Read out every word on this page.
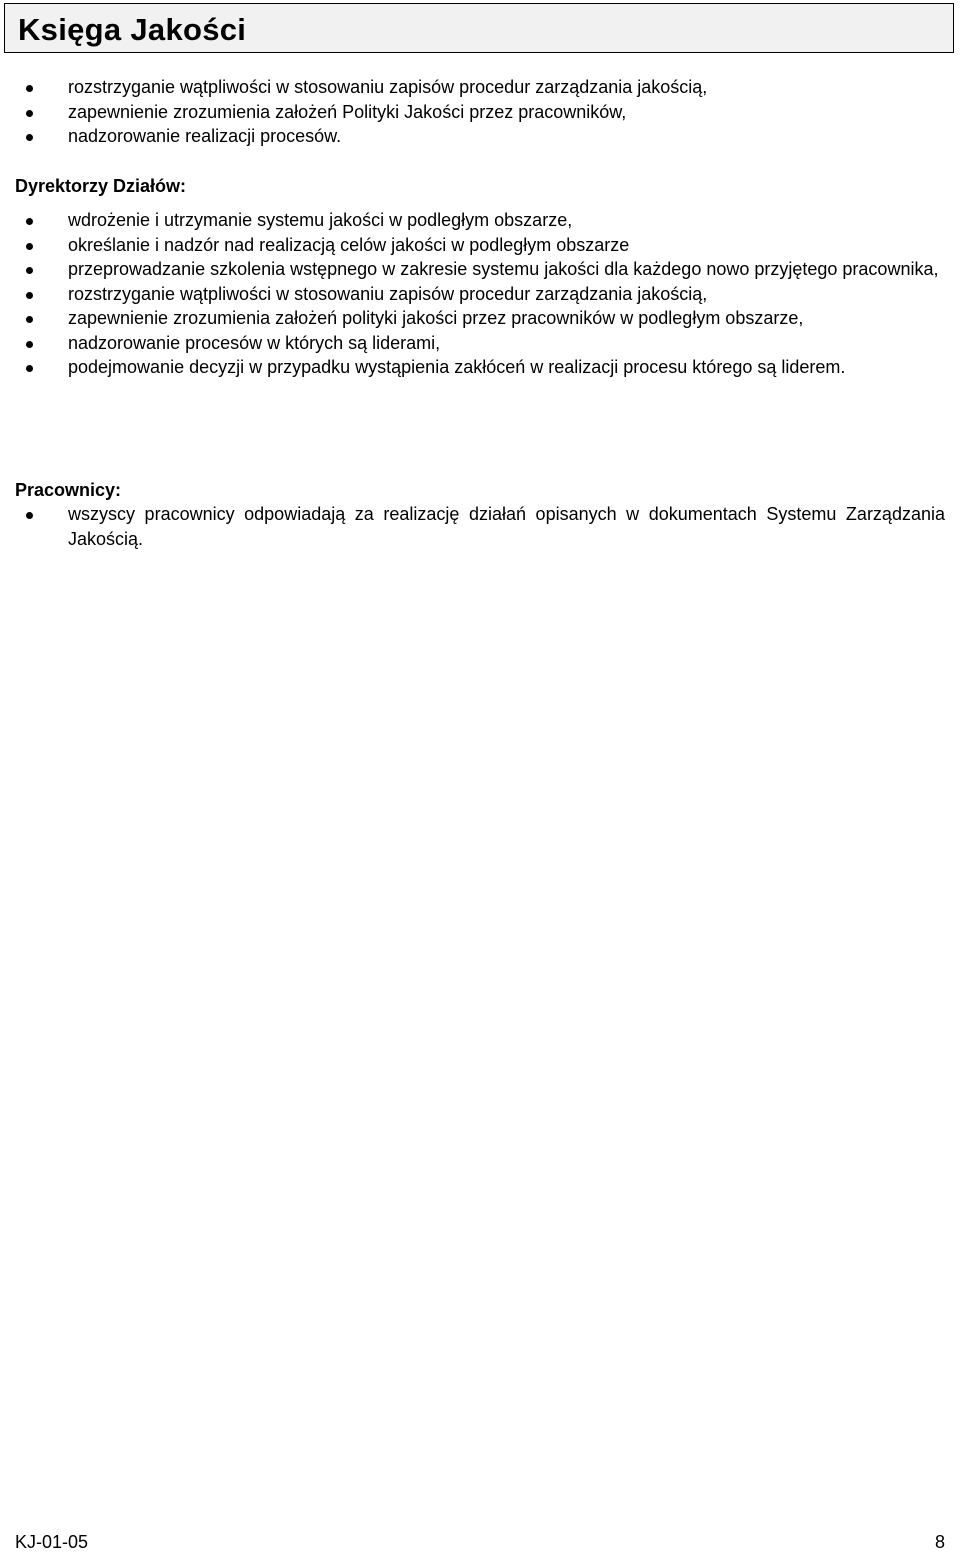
Księga Jakości
rozstrzyganie wątpliwości w stosowaniu zapisów procedur zarządzania jakością,
zapewnienie zrozumienia założeń Polityki Jakości przez pracowników,
nadzorowanie realizacji procesów.
Dyrektorzy Działów:
wdrożenie i utrzymanie systemu jakości w podległym obszarze,
określanie i nadzór nad realizacją celów jakości w podległym obszarze
przeprowadzanie szkolenia wstępnego w zakresie systemu jakości dla każdego nowo przyjętego pracownika,
rozstrzyganie wątpliwości w stosowaniu zapisów procedur zarządzania jakością,
zapewnienie zrozumienia założeń polityki jakości przez pracowników w podległym obszarze,
nadzorowanie procesów w których są liderami,
podejmowanie decyzji w przypadku wystąpienia zakłóceń w realizacji procesu którego są liderem.
Pracownicy:
wszyscy pracownicy odpowiadają za realizację działań opisanych w dokumentach Systemu Zarządzania Jakością.
KJ-01-05	8
